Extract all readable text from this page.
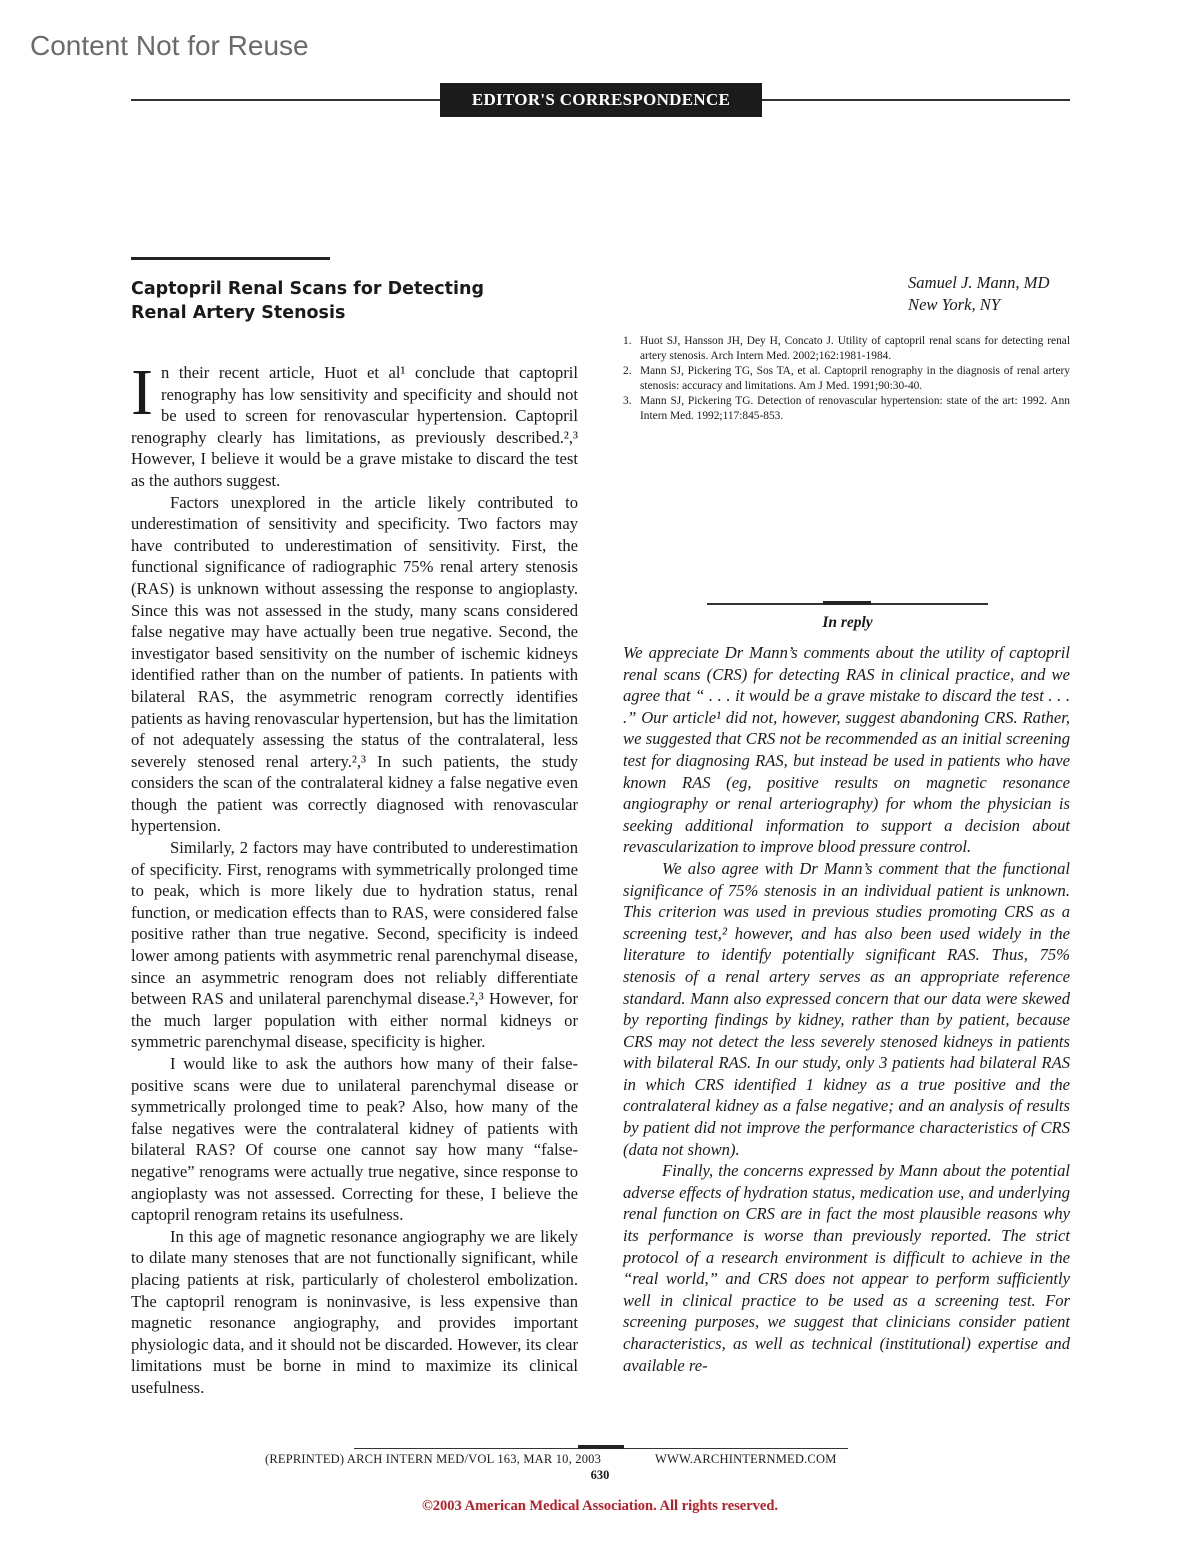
Content Not for Reuse
EDITOR'S CORRESPONDENCE
Captopril Renal Scans for Detecting
Renal Artery Stenosis

In their recent article, Huot et al¹ conclude that captopril renography has low sensitivity and specificity and should not be used to screen for renovascular hypertension. Captopril renography clearly has limitations, as previously described.²,³ However, I believe it would be a grave mistake to discard the test as the authors suggest.

Factors unexplored in the article likely contributed to underestimation of sensitivity and specificity. Two factors may have contributed to underestimation of sensitivity. First, the functional significance of radiographic 75% renal artery stenosis (RAS) is unknown without assessing the response to angioplasty. Since this was not assessed in the study, many scans considered false negative may have actually been true negative. Second, the investigator based sensitivity on the number of ischemic kidneys identified rather than on the number of patients. In patients with bilateral RAS, the asymmetric renogram correctly identifies patients as having renovascular hypertension, but has the limitation of not adequately assessing the status of the contralateral, less severely stenosed renal artery.²,³ In such patients, the study considers the scan of the contralateral kidney a false negative even though the patient was correctly diagnosed with renovascular hypertension.

Similarly, 2 factors may have contributed to underestimation of specificity. First, renograms with symmetrically prolonged time to peak, which is more likely due to hydration status, renal function, or medication effects than to RAS, were considered false positive rather than true negative. Second, specificity is indeed lower among patients with asymmetric renal parenchymal disease, since an asymmetric renogram does not reliably differentiate between RAS and unilateral parenchymal disease.²,³ However, for the much larger population with either normal kidneys or symmetric parenchymal disease, specificity is higher.

I would like to ask the authors how many of their false-positive scans were due to unilateral parenchymal disease or symmetrically prolonged time to peak? Also, how many of the false negatives were the contralateral kidney of patients with bilateral RAS? Of course one cannot say how many “false-negative” renograms were actually true negative, since response to angioplasty was not assessed. Correcting for these, I believe the captopril renogram retains its usefulness.

In this age of magnetic resonance angiography we are likely to dilate many stenoses that are not functionally significant, while placing patients at risk, particularly of cholesterol embolization. The captopril renogram is noninvasive, is less expensive than magnetic resonance angiography, and provides important physiologic data, and it should not be discarded. However, its clear limitations must be borne in mind to maximize its clinical usefulness.

Samuel J. Mann, MD
New York, NY
1. Huot SJ, Hansson JH, Dey H, Concato J. Utility of captopril renal scans for detecting renal artery stenosis. Arch Intern Med. 2002;162:1981-1984.
2. Mann SJ, Pickering TG, Sos TA, et al. Captopril renography in the diagnosis of renal artery stenosis: accuracy and limitations. Am J Med. 1991;90:30-40.
3. Mann SJ, Pickering TG. Detection of renovascular hypertension: state of the art: 1992. Ann Intern Med. 1992;117:845-853.
In reply

We appreciate Dr Mann’s comments about the utility of captopril renal scans (CRS) for detecting RAS in clinical practice, and we agree that “ . . . it would be a grave mistake to discard the test . . . .” Our article¹ did not, however, suggest abandoning CRS. Rather, we suggested that CRS not be recommended as an initial screening test for diagnosing RAS, but instead be used in patients who have known RAS (eg, positive results on magnetic resonance angiography or renal arteriography) for whom the physician is seeking additional information to support a decision about revascularization to improve blood pressure control.

We also agree with Dr Mann’s comment that the functional significance of 75% stenosis in an individual patient is unknown. This criterion was used in previous studies promoting CRS as a screening test,² however, and has also been used widely in the literature to identify potentially significant RAS. Thus, 75% stenosis of a renal artery serves as an appropriate reference standard. Mann also expressed concern that our data were skewed by reporting findings by kidney, rather than by patient, because CRS may not detect the less severely stenosed kidneys in patients with bilateral RAS. In our study, only 3 patients had bilateral RAS in which CRS identified 1 kidney as a true positive and the contralateral kidney as a false negative; and an analysis of results by patient did not improve the performance characteristics of CRS (data not shown).

Finally, the concerns expressed by Mann about the potential adverse effects of hydration status, medication use, and underlying renal function on CRS are in fact the most plausible reasons why its performance is worse than previously reported. The strict protocol of a research environment is difficult to achieve in the “real world,” and CRS does not appear to perform sufficiently well in clinical practice to be used as a screening test. For screening purposes, we suggest that clinicians consider patient characteristics, as well as technical (institutional) expertise and available re-

(REPRINTED) ARCH INTERN MED/VOL 163, MAR 10, 2003	WWW.ARCHINTERNMED.COM
630
©2003 American Medical Association. All rights reserved.
